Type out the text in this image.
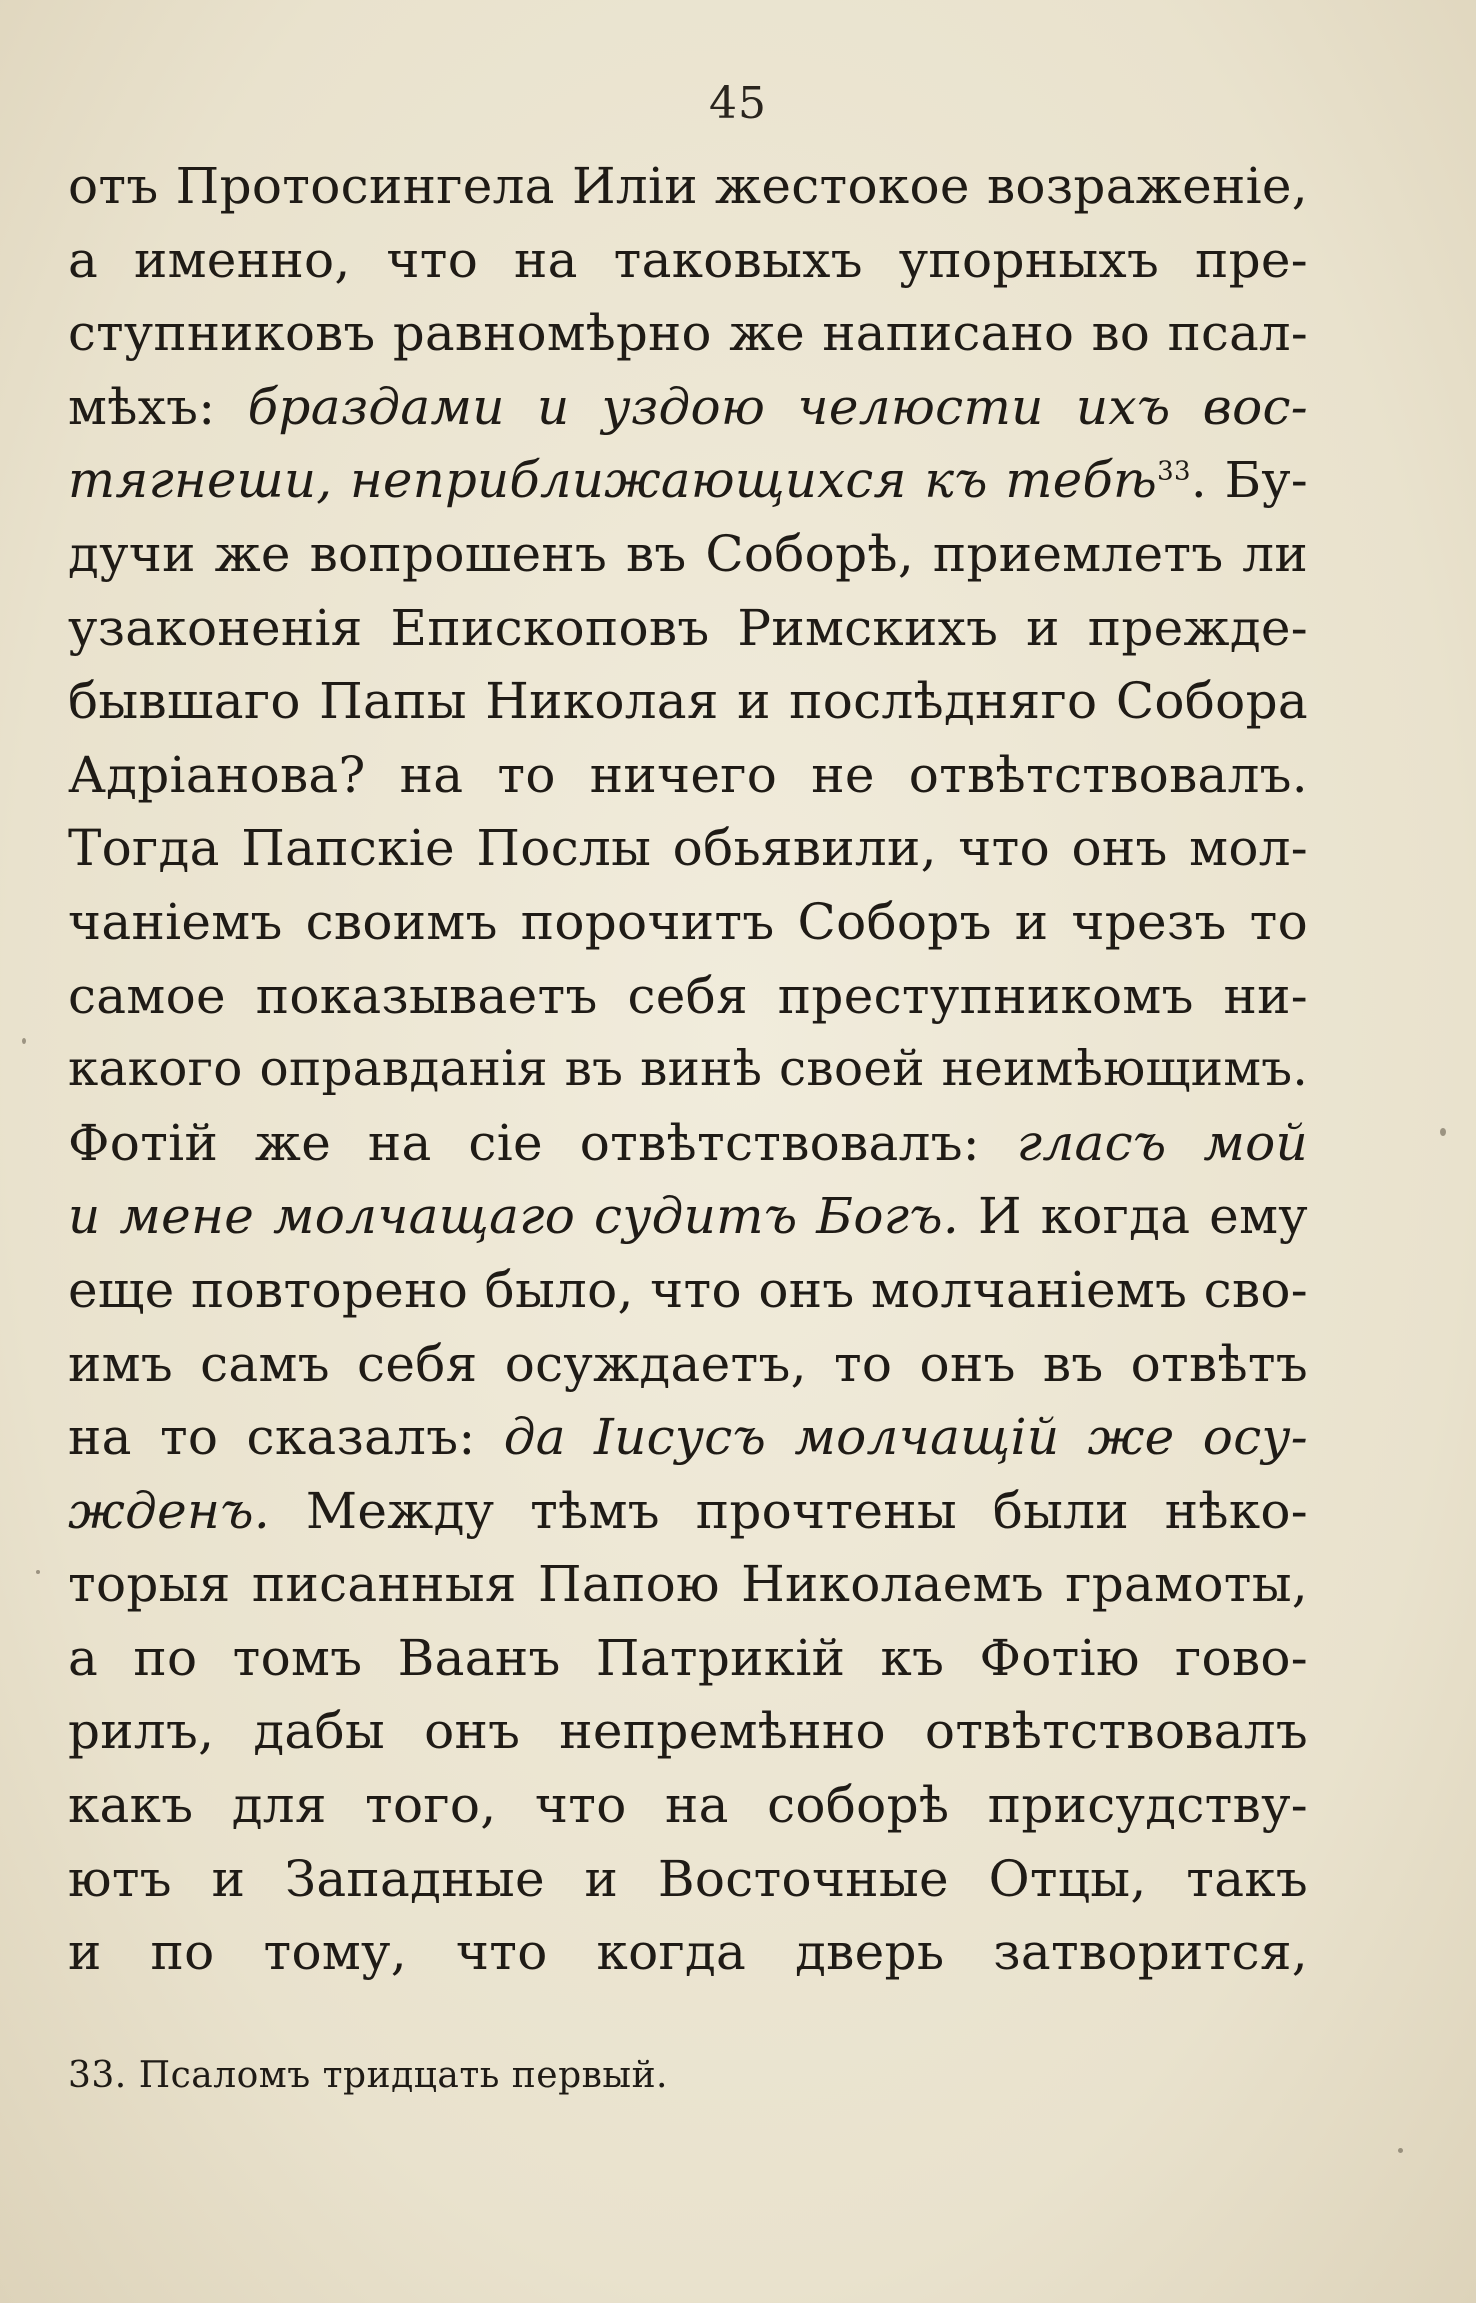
45
отъ Протосингела Иліи жестокое возраженіе,
а именно, что на таковыхъ упорныхъ пре-
ступниковъ равномѣрно же написано во псал-
мѣхъ: браздами и уздою челюсти ихъ вос-
тягнеши, неприближающихся къ тебѣ$^{33}$. Бу-
дучи же вопрошенъ въ Соборѣ, приемлетъ ли
узаконенія Епископовъ Римскихъ и прежде-
бывшаго Папы Николая и послѣдняго Собора
Адріанова? на то ничего не отвѣтствовалъ.
Тогда Папскіе Послы обьявили, что онъ мол-
чаніемъ своимъ порочитъ Соборъ и чрезъ то
самое показываетъ себя преступникомъ ни-
какого оправданія въ винѣ своей неимѣющимъ.
Фотій же на сіе отвѣтствовалъ: гласъ мой
и мене молчащаго судитъ Богъ. И когда ему
еще повторено было, что онъ молчаніемъ сво-
имъ самъ себя осуждаетъ, то онъ въ отвѣтъ
на то сказалъ: да Іисусъ молчащій же осу-
жденъ. Между тѣмъ прочтены были нѣко-
торыя писанныя Папою Николаемъ грамоты,
а по томъ Ваанъ Патрикій къ Фотію гово-
рилъ, дабы онъ непремѣнно отвѣтствовалъ
какъ для того, что на соборѣ присудству-
ютъ и Западные и Восточные Отцы, такъ
и по тому, что когда дверь затворится,
33. Псаломъ тридцать первый.
